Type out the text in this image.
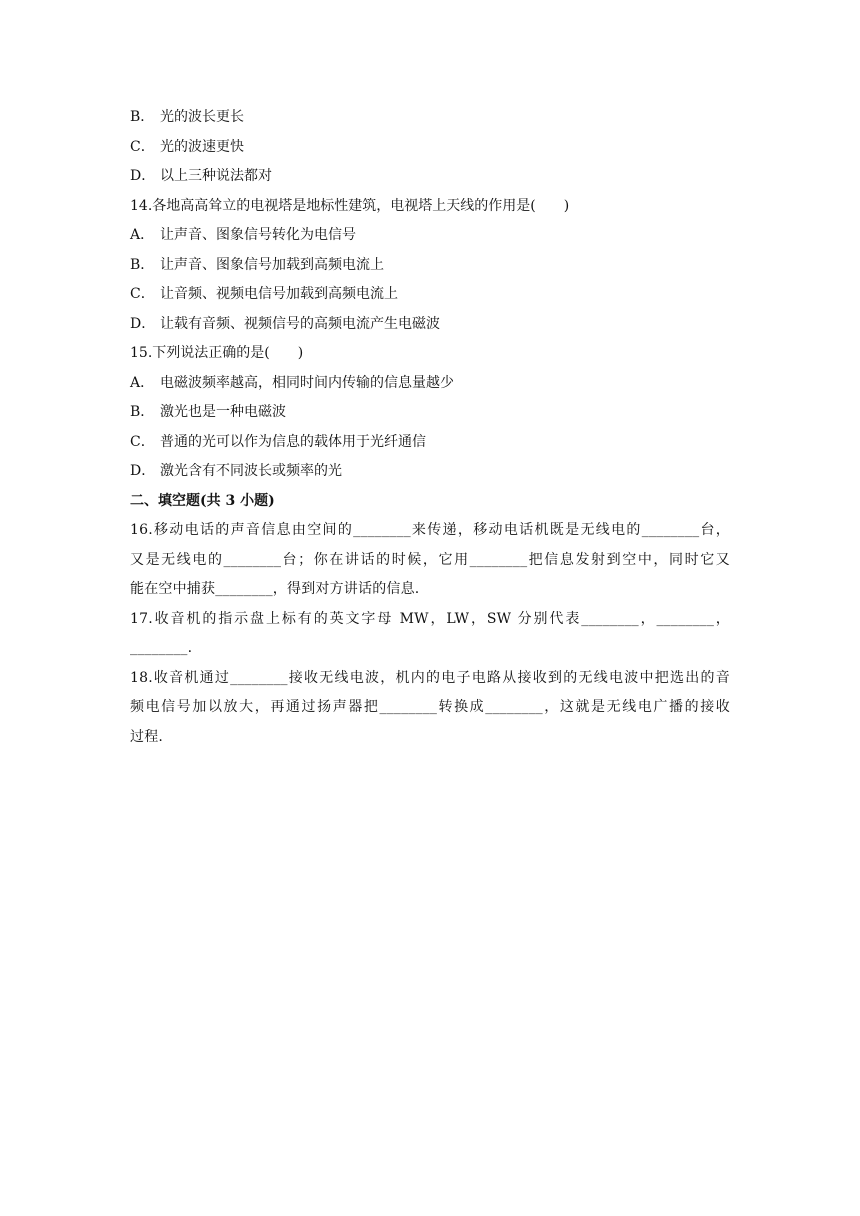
B． 光的波长更长
C． 光的波速更快
D． 以上三种说法都对
14.各地高高耸立的电视塔是地标性建筑，电视塔上天线的作用是(　　)
A． 让声音、图象信号转化为电信号
B． 让声音、图象信号加载到高频电流上
C． 让音频、视频电信号加载到高频电流上
D． 让载有音频、视频信号的高频电流产生电磁波
15.下列说法正确的是(　　)
A． 电磁波频率越高，相同时间内传输的信息量越少
B． 激光也是一种电磁波
C． 普通的光可以作为信息的载体用于光纤通信
D． 激光含有不同波长或频率的光
二、填空题(共 3 小题)
16.移动电话的声音信息由空间的________来传递，移动电话机既是无线电的________台，
又是无线电的________台；你在讲话的时候，它用________把信息发射到空中，同时它又
能在空中捕获________，得到对方讲话的信息.
17.收音机的指示盘上标有的英文字母 MW，LW，SW 分别代表________，________，
________.
18.收音机通过________接收无线电波，机内的电子电路从接收到的无线电波中把选出的音
频电信号加以放大，再通过扬声器把________转换成________，这就是无线电广播的接收
过程.
